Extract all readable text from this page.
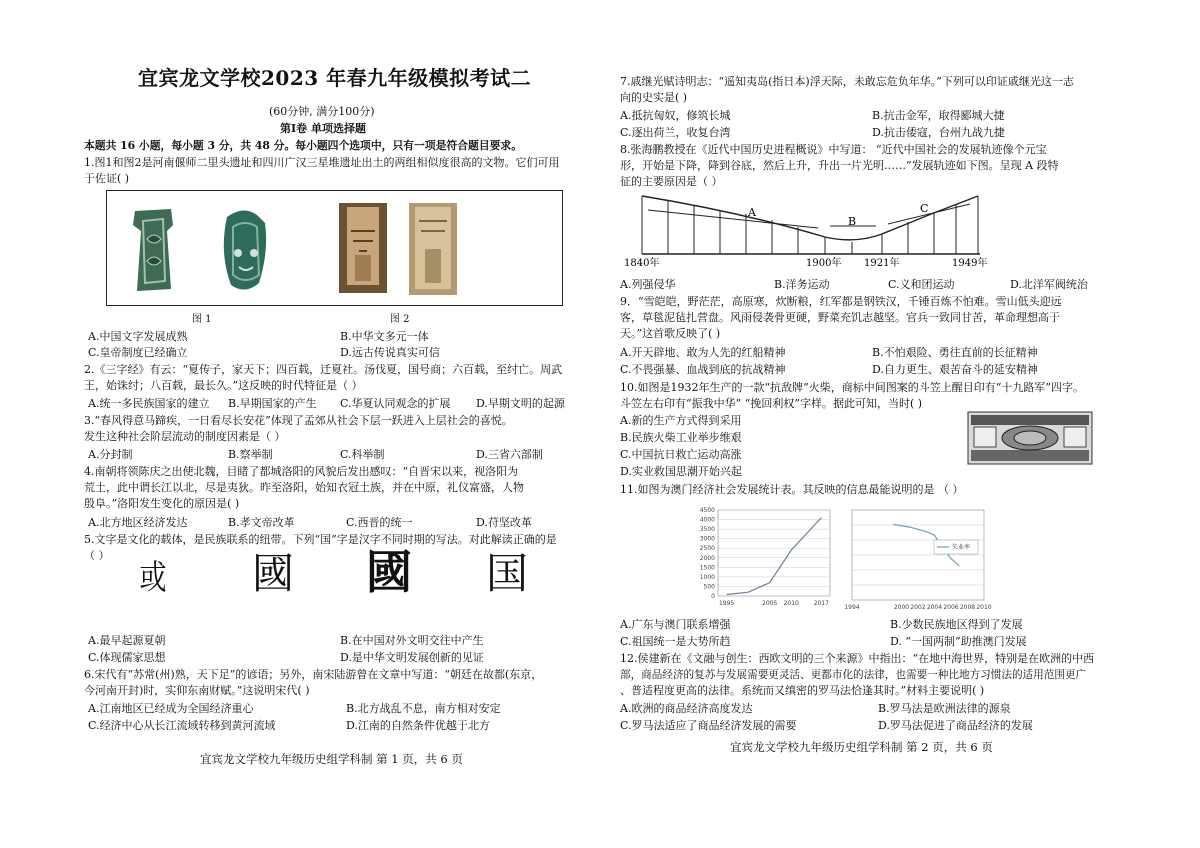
宜宾龙文学校2023 年春九年级模拟考试二
(60分钟, 满分100分)
第Ⅰ卷 单项选择题
本题共 16 小题，每小题 3 分，共 48 分。每小题四个选项中，只有一项是符合题目要求。
1.图1和图2是河南偃师二里头遗址和四川广汉三星堆遗址出土的两组相似度很高的文物。它们可用
于佐证( )
图 1	图 2
A.中国文字发展成熟	B.中华文多元一体
C.皇帝制度已经确立	D.远古传说真实可信
2.《三字经》有云：“夏传子，家天下；四百载，迁夏社。汤伐夏，国号商；六百载，至纣亡。周武
王，始诛纣；八百载，最长久。”这反映的时代特征是（ ）
A.统一多民族国家的建立 B.早期国家的产生 C.华夏认同观念的扩展 D.早期文明的起源
3.“春风得意马蹄疾，一日看尽长安花”体现了孟郊从社会下层一跃进入上层社会的喜悦。
发生这种社会阶层流动的制度因素是（ ）
A.分封制	B.察举制	C.科举制	D.三省六部制
4.南朝将领陈庆之出使北魏，目睹了都城洛阳的风貌后发出感叹：“自晋宋以来，视洛阳为
荒土，此中谓长江以北，尽是夷狄。昨至洛阳，始知衣冠土族，并在中原，礼仪富盛，人物
殷阜。”洛阳发生变化的原因是( )
A.北方地区经济发达	B.孝文帝改革	C.西晋的统一	D.苻坚改革
5.文字是文化的载体，是民族联系的纽带。下列“国”字是汉字不同时期的写法。对此解读正确的是
（ ）
或 國 國 国
A.最早起源夏朝	B.在中国对外文明交往中产生
C.体现儒家思想	D.是中华文明发展创新的见证
6.宋代有“苏常(州)熟，天下足”的谚语；另外，南宋陆游曾在文章中写道：“朝廷在故都(东京，
今河南开封)时，实仰东南财赋。”这说明宋代( )
A.江南地区已经成为全国经济重心	B.北方战乱不息，南方相对安定
C.经济中心从长江流域转移到黄河流域	D.江南的自然条件优越于北方
宜宾龙文学校九年级历史组学科制 第 1 页，共 6 页
7.戚继光赋诗明志：“遥知夷岛(指日本)浮天际，未敢忘危负年华。”下列可以印证戚继光这一志
向的史实是( )
A.抵抗匈奴，修筑长城	B.抗击金军，取得郾城大捷
C.逐出荷兰，收复台湾	D.抗击倭寇，台州九战九捷
8.张海鹏教授在《近代中国历史进程概说》中写道： “近代中国社会的发展轨迹像个元宝
形，开始是下降，降到谷底，然后上升，升出一片光明……”发展轨迹如下图。呈现 A 段特
征的主要原因是（ ）
A
B
C
1840年	1900年 1921年	1949年
A.列强侵华	B.洋务运动	C.义和团运动	D.北洋军阀统治
9．“雪皑皑，野茫茫，高原寒，炊断粮，红军都是钢铁汉，千锤百炼不怕难。雪山低头迎远
客，草毯泥毡扎营盘。风雨侵袭骨更硬，野菜充饥志越坚。官兵一致同甘苦，革命理想高于
天。”这首歌反映了( )
A.开天辟地、敢为人先的红船精神	B.不怕艰险、勇往直前的长征精神
C.不畏强暴、血战到底的抗战精神	D.自力更生、艰苦奋斗的延安精神
10.如图是1932年生产的一款“抗敌牌”火柴，商标中间图案的斗笠上醒目印有“十九路军”四字。
斗笠左右印有“振我中华” “挽回利权”字样。据此可知，当时( )
A.新的生产方式得到采用
B.民族火柴工业举步维艰
C.中国抗日救亡运动高涨
D.实业救国思潮开始兴起
11.如图为澳门经济社会发展统计表。其反映的信息最能说明的是 （ ）
0
500
1000
1500
2000
2500
3000
3500
4000
4500
1995	2005 2010 2017
1994	2000 2002 2004 2006 2008 2010
失业率
A.广东与澳门联系增强	B.少数民族地区得到了发展
C.祖国统一是大势所趋	D. “一国两制”助推澳门发展
12.侯建新在《文融与创生：西欧文明的三个来源》中指出：“在地中海世界，特别是在欧洲的中西
部，商品经济的复苏与发展需要更灵活、更都市化的法律，也需要一种比地方习惯法的适用范围更广
、普适程度更高的法律。系统而又缜密的罗马法恰逢其时。”材料主要说明( )
A.欧洲的商品经济高度发达	B.罗马法是欧洲法律的源泉
C.罗马法适应了商品经济发展的需要	D.罗马法促进了商品经济的发展
宜宾龙文学校九年级历史组学科制 第 2 页，共 6 页
